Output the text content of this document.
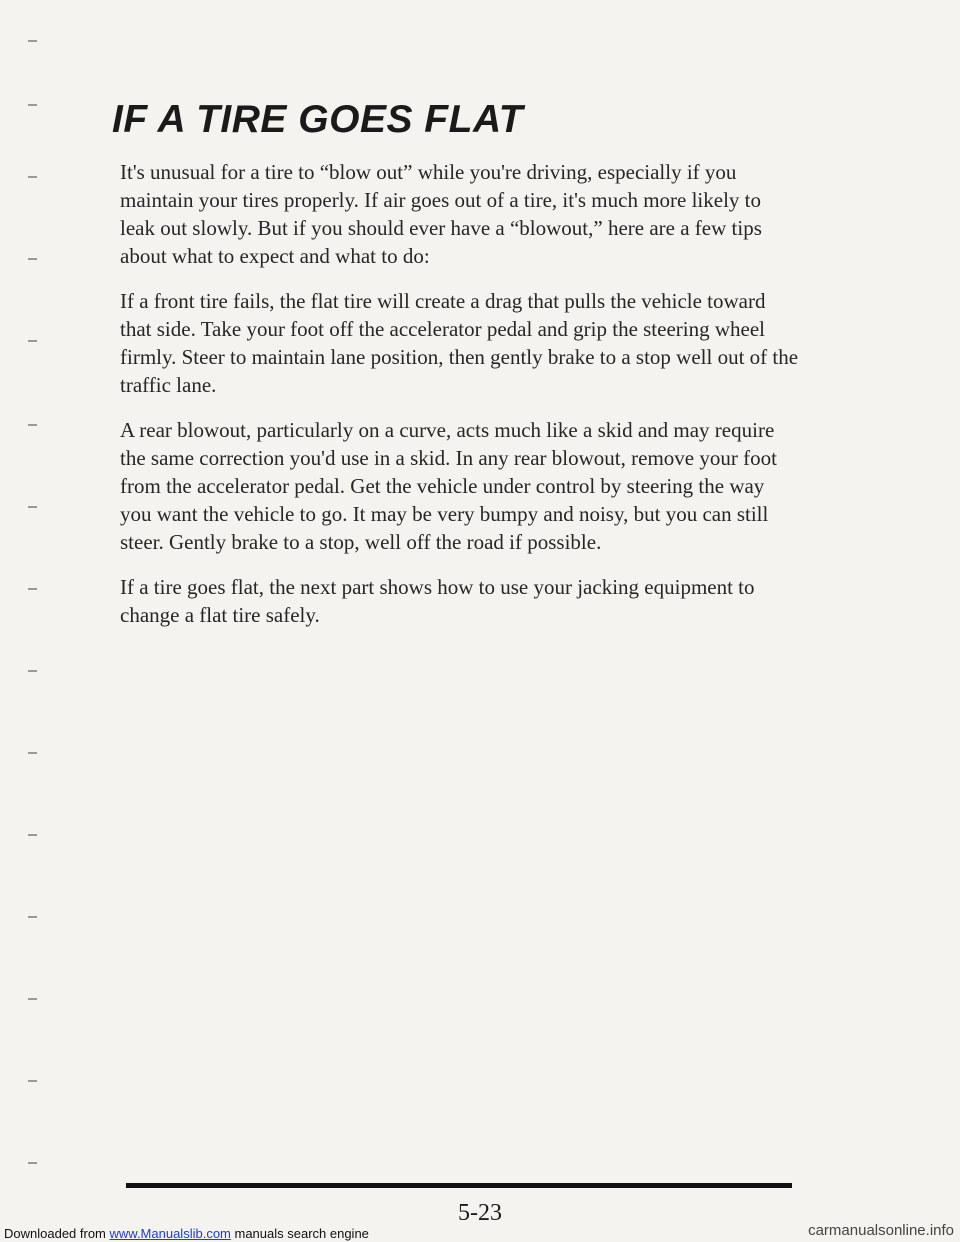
IF A TIRE GOES FLAT

It's unusual for a tire to “blow out” while you're driving, especially if you maintain your tires properly. If air goes out of a tire, it's much more likely to leak out slowly. But if you should ever have a “blowout,” here are a few tips about what to expect and what to do:

If a front tire fails, the flat tire will create a drag that pulls the vehicle toward that side. Take your foot off the accelerator pedal and grip the steering wheel firmly. Steer to maintain lane position, then gently brake to a stop well out of the traffic lane.

A rear blowout, particularly on a curve, acts much like a skid and may require the same correction you'd use in a skid. In any rear blowout, remove your foot from the accelerator pedal. Get the vehicle under control by steering the way you want the vehicle to go. It may be very bumpy and noisy, but you can still steer. Gently brake to a stop, well off the road if possible.

If a tire goes flat, the next part shows how to use your jacking equipment to change a flat tire safely.

5-23
Downloaded from www.Manualslib.com manuals search engine	carmanualsonline.info
